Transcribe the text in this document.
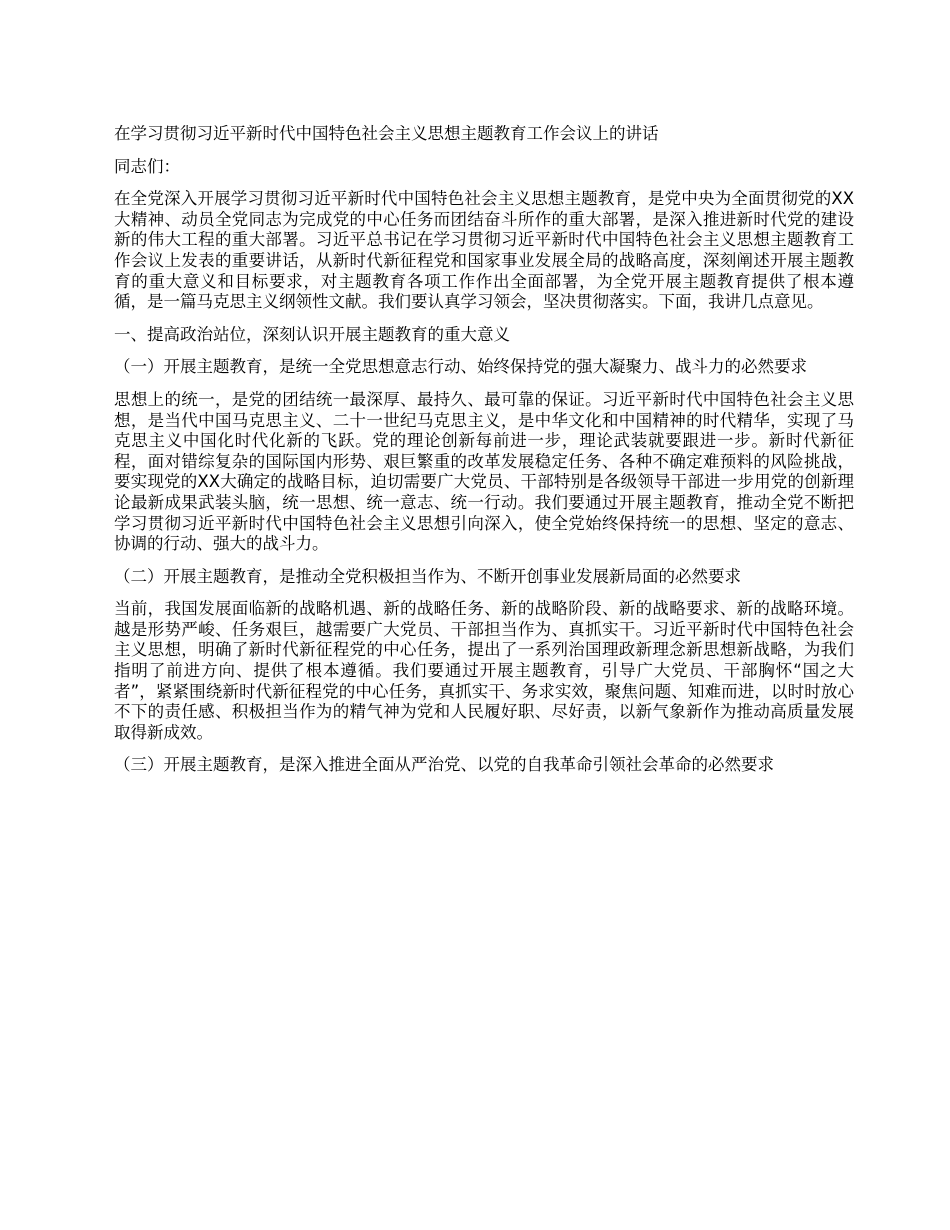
在学习贯彻习近平新时代中国特色社会主义思想主题教育工作会议上的讲话

同志们：

在全党深入开展学习贯彻习近平新时代中国特色社会主义思想主题教育，是党中央为全面贯彻党的XX大精神、动员全党同志为完成党的中心任务而团结奋斗所作的重大部署，是深入推进新时代党的建设新的伟大工程的重大部署。习近平总书记在学习贯彻习近平新时代中国特色社会主义思想主题教育工作会议上发表的重要讲话，从新时代新征程党和国家事业发展全局的战略高度，深刻阐述开展主题教育的重大意义和目标要求，对主题教育各项工作作出全面部署，为全党开展主题教育提供了根本遵循，是一篇马克思主义纲领性文献。我们要认真学习领会，坚决贯彻落实。下面，我讲几点意见。

一、提高政治站位，深刻认识开展主题教育的重大意义

（一）开展主题教育，是统一全党思想意志行动、始终保持党的强大凝聚力、战斗力的必然要求

思想上的统一，是党的团结统一最深厚、最持久、最可靠的保证。习近平新时代中国特色社会主义思想，是当代中国马克思主义、二十一世纪马克思主义，是中华文化和中国精神的时代精华，实现了马克思主义中国化时代化新的飞跃。党的理论创新每前进一步，理论武装就要跟进一步。新时代新征程，面对错综复杂的国际国内形势、艰巨繁重的改革发展稳定任务、各种不确定难预料的风险挑战，要实现党的XX大确定的战略目标，迫切需要广大党员、干部特别是各级领导干部进一步用党的创新理论最新成果武装头脑，统一思想、统一意志、统一行动。我们要通过开展主题教育，推动全党不断把学习贯彻习近平新时代中国特色社会主义思想引向深入，使全党始终保持统一的思想、坚定的意志、协调的行动、强大的战斗力。

（二）开展主题教育，是推动全党积极担当作为、不断开创事业发展新局面的必然要求

当前，我国发展面临新的战略机遇、新的战略任务、新的战略阶段、新的战略要求、新的战略环境。越是形势严峻、任务艰巨，越需要广大党员、干部担当作为、真抓实干。习近平新时代中国特色社会主义思想，明确了新时代新征程党的中心任务，提出了一系列治国理政新理念新思想新战略，为我们指明了前进方向、提供了根本遵循。我们要通过开展主题教育，引导广大党员、干部胸怀“国之大者”，紧紧围绕新时代新征程党的中心任务，真抓实干、务求实效，聚焦问题、知难而进，以时时放心不下的责任感、积极担当作为的精气神为党和人民履好职、尽好责，以新气象新作为推动高质量发展取得新成效。

（三）开展主题教育，是深入推进全面从严治党、以党的自我革命引领社会革命的必然要求
